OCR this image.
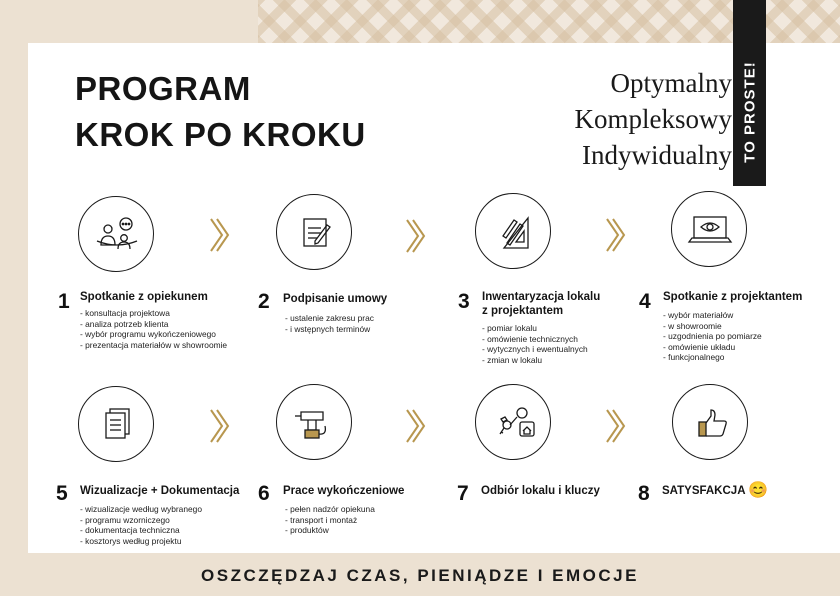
PROGRAM
KROK PO KROKU
Optymalny
Kompleksowy
Indywidualny TO PROSTE!
1 Spotkanie z opiekunem
- konsultacja projektowa
- analiza potrzeb klienta
- wybór programu wykończeniowego
- prezentacja materiałów w showroomie
2 Podpisanie umowy
- ustalenie zakresu prac
- i wstępnych terminów
3 Inwentaryzacja lokalu
z projektantem
- pomiar lokalu
- omówienie technicznych
- wytycznych i ewentualnych
- zmian w lokalu
4 Spotkanie z projektantem
- wybór materiałów
- w showroomie
- uzgodnienia po pomiarze
- omówienie układu
- funkcjonalnego
5 Wizualizacje + Dokumentacja
- wizualizacje według wybranego
- programu wzorniczego
- dokumentacja techniczna
- kosztorys według projektu
6 Prace wykończeniowe
- pełen nadzór opiekuna
- transport i montaż
- produktów
7 Odbiór lokalu i kluczy 8 SATYSFAKCJA 😊
OSZCZĘDZAJ CZAS, PIENIĄDZE I EMOCJE
